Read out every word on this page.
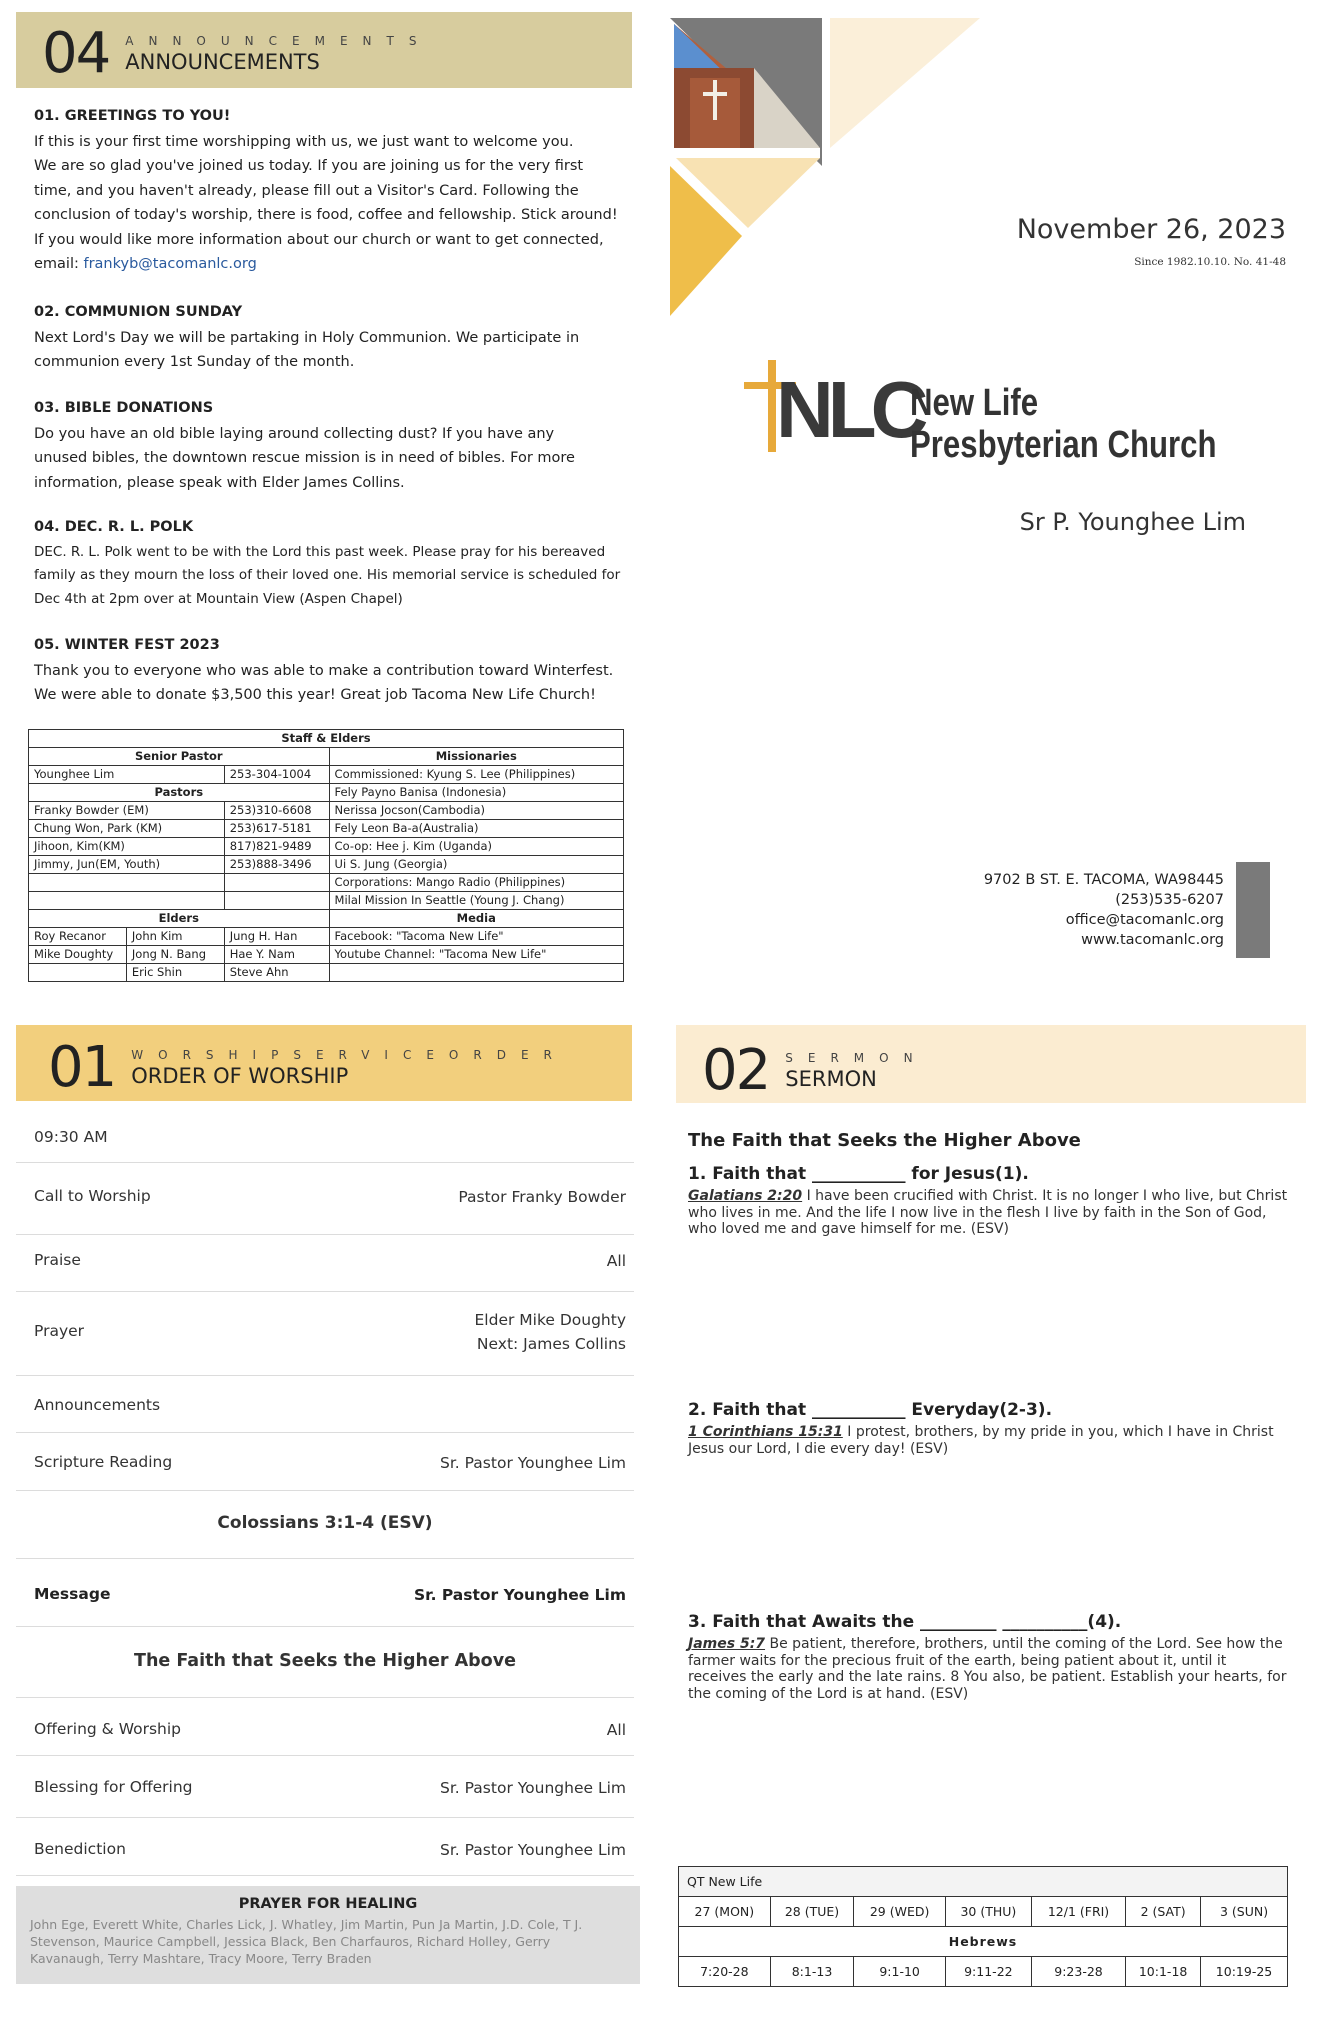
04 ANNOUNCEMENTS
ANNOUNCEMENTS
01. GREETINGS TO YOU!

If this is your first time worshipping with us, we just want to welcome you.

We are so glad you've joined us today. If you are joining us for the very first

time, and you haven't already, please fill out a Visitor's Card. Following the

conclusion of today's worship, there is food, coffee and fellowship. Stick around!

If you would like more information about our church or want to get connected,

email: frankyb@tacomanlc.org

02. COMMUNION SUNDAY

Next Lord's Day we will be partaking in Holy Communion. We participate in

communion every 1st Sunday of the month.

03. BIBLE DONATIONS

Do you have an old bible laying around collecting dust? If you have any

unused bibles, the downtown rescue mission is in need of bibles. For more

information, please speak with Elder James Collins.

04. DEC. R. L. POLK

DEC. R. L. Polk went to be with the Lord this past week. Please pray for his bereaved

family as they mourn the loss of their loved one. His memorial service is scheduled for

Dec 4th at 2pm over at Mountain View (Aspen Chapel)

05. WINTER FEST 2023

Thank you to everyone who was able to make a contribution toward Winterfest.

We were able to donate $3,500 this year! Great job Tacoma New Life Church!

Staff & Elders			
Senior Pastor			Missionaries
Younghee Lim		253-304-1004	Commissioned: Kyung S. Lee (Philippines)
Pastors			Fely Payno Banisa (Indonesia)
Franky Bowder (EM)		253)310-6608	Nerissa Jocson(Cambodia)
Chung Won, Park (KM)		253)617-5181	Fely Leon Ba-a(Australia)
Jihoon, Kim(KM)		817)821-9489	Co-op: Hee j. Kim (Uganda)
Jimmy, Jun(EM, Youth)		253)888-3496	Ui S. Jung (Georgia)
			Corporations: Mango Radio (Philippines)
			Milal Mission In Seattle (Young J. Chang)
Elders			Media
Roy Recanor	John Kim	Jung H. Han	Facebook: "Tacoma New Life"
Mike Doughty	Jong N. Bang	Hae Y. Nam	Youtube Channel: "Tacoma New Life"
	Eric Shin	Steve Ahn	
November 26, 2023
Since 1982.10.10. No. 41-48
NLC
New Life
Presbyterian Church
Sr P. Younghee Lim
9702 B ST. E. TACOMA, WA98445
(253)535-6207
office@tacomanlc.org
www.tacomanlc.org
01 WORSHIPSERVICEORDER
ORDER OF WORSHIP
09:30 AM
Call to Worship	Pastor Franky Bowder
Praise	All
Prayer
Elder Mike Doughty
Next: James Collins
Announcements
Scripture Reading	Sr. Pastor Younghee Lim
Colossians 3:1-4 (ESV)
Message	Sr. Pastor Younghee Lim
The Faith that Seeks the Higher Above
Offering & Worship	All
Blessing for Offering	Sr. Pastor Younghee Lim
Benediction	Sr. Pastor Younghee Lim
PRAYER FOR HEALING
John Ege, Everett White, Charles Lick, J. Whatley, Jim Martin, Pun Ja Martin, J.D. Cole, T J.
Stevenson, Maurice Campbell, Jessica Black, Ben Charfauros, Richard Holley, Gerry
Kavanaugh, Terry Mashtare, Tracy Moore, Terry Braden
02 SERMON
SERMON
The Faith that Seeks the Higher Above
1. Faith that ___________ for Jesus(1).
Galatians 2:20 I have been crucified with Christ. It is no longer I who live, but Christ who lives in me. And the life I now live in the flesh I live by faith in the Son of God, who loved me and gave himself for me. (ESV)
2. Faith that ___________ Everyday(2-3).
1 Corinthians 15:31 I protest, brothers, by my pride in you, which I have in Christ Jesus our Lord, I die every day! (ESV)
3. Faith that Awaits the _________ __________(4).
James 5:7 Be patient, therefore, brothers, until the coming of the Lord. See how the farmer waits for the precious fruit of the earth, being patient about it, until it receives the early and the late rains. 8 You also, be patient. Establish your hearts, for the coming of the Lord is at hand. (ESV)
QT New Life						
27 (MON)	28 (TUE)	29 (WED)	30 (THU)	12/1 (FRI)	2 (SAT)	3 (SUN)
Hebrews						
7:20-28	8:1-13	9:1-10	9:11-22	9:23-28	10:1-18	10:19-25
